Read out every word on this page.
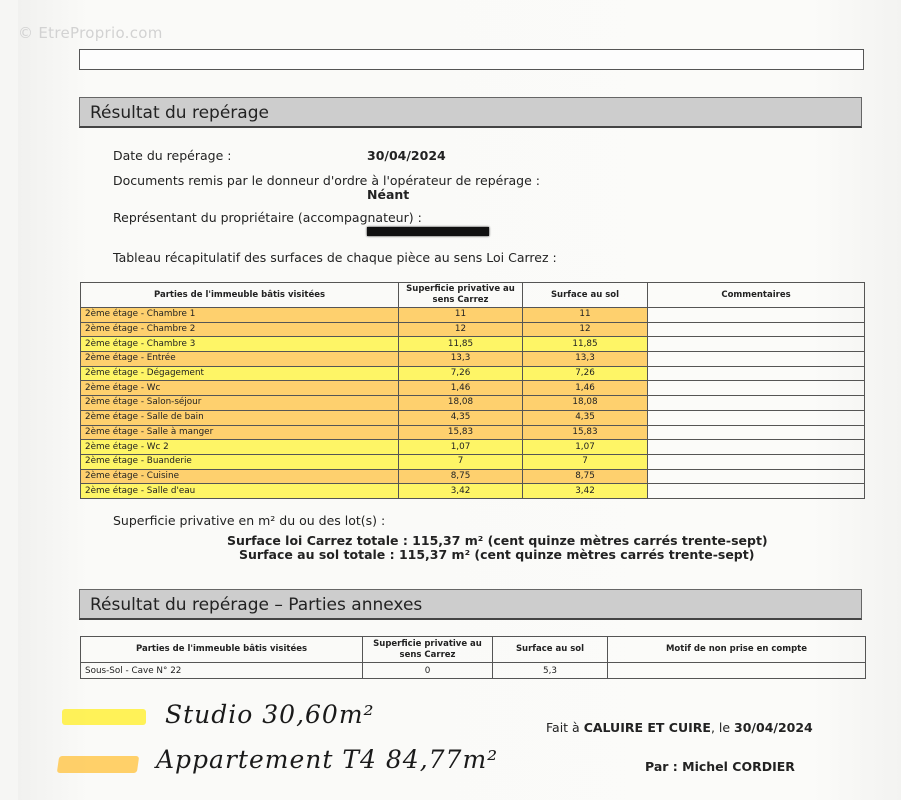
© EtreProprio.com
Résultat du repérage
Date du repérage :	30/04/2024
Documents remis par le donneur d'ordre à l'opérateur de repérage :
Néant
Représentant du propriétaire (accompagnateur) :
Tableau récapitulatif des surfaces de chaque pièce au sens Loi Carrez :
Parties de l'immeuble bâtis visitées	Superficie privative au sens Carrez	Surface au sol	Commentaires
2ème étage - Chambre 1	11	11	
2ème étage - Chambre 2	12	12	
2ème étage - Chambre 3	11,85	11,85	
2ème étage - Entrée	13,3	13,3	
2ème étage - Dégagement	7,26	7,26	
2ème étage - Wc	1,46	1,46	
2ème étage - Salon-séjour	18,08	18,08	
2ème étage - Salle de bain	4,35	4,35	
2ème étage - Salle à manger	15,83	15,83	
2ème étage - Wc 2	1,07	1,07	
2ème étage - Buanderie	7	7	
2ème étage - Cuisine	8,75	8,75	
2ème étage - Salle d'eau	3,42	3,42	
Superficie privative en m² du ou des lot(s) :
Surface loi Carrez totale : 115,37 m² (cent quinze mètres carrés trente-sept)
Surface au sol totale : 115,37 m² (cent quinze mètres carrés trente-sept)
Résultat du repérage – Parties annexes
Parties de l'immeuble bâtis visitées	Superficie privative au sens Carrez	Surface au sol	Motif de non prise en compte
Sous-Sol - Cave N° 22	0	5,3	
Studio 30,60m²
Appartement T4 84,77m²
Fait à CALUIRE ET CUIRE, le 30/04/2024
Par : Michel CORDIER
